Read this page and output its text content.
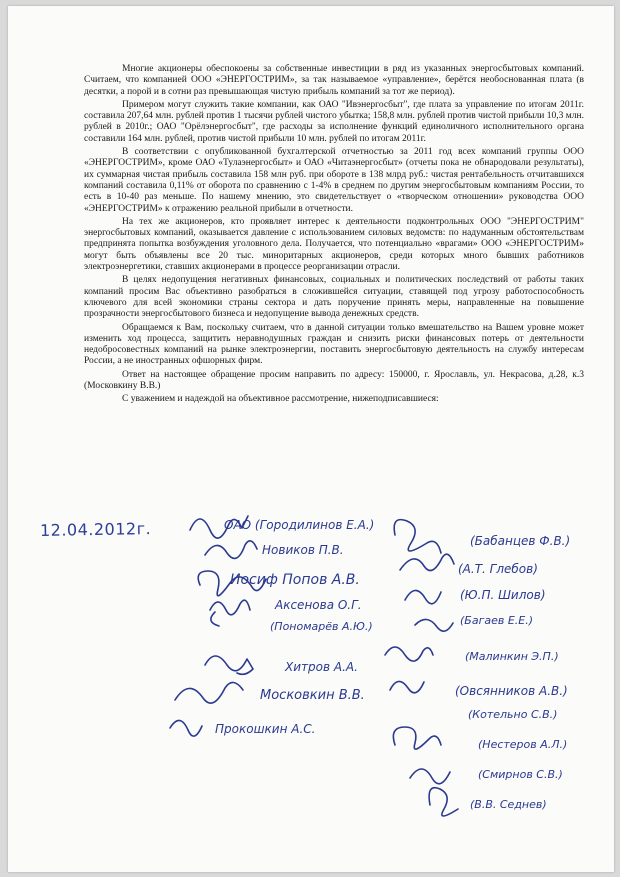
Многие акционеры обеспокоены за собственные инвестиции в ряд из указанных энергосбытовых компаний. Считаем, что компанией ООО «ЭНЕРГОСТРИМ», за так называемое «управление», берётся необоснованная плата (в десятки, а порой и в сотни раз превышающая чистую прибыль компаний за тот же период).

Примером могут служить такие компании, как ОАО "Ивэнергосбыт", где плата за управление по итогам 2011г. составила 207,64 млн. рублей против 1 тысячи рублей чистого убытка; 158,8 млн. рублей против чистой прибыли 10,3 млн. рублей в 2010г.; ОАО "Орёлэнергосбыт", где расходы за исполнение функций единоличного исполнительного органа составили 164 млн. рублей, против чистой прибыли 10 млн. рублей по итогам 2011г.

В соответствии с опубликованной бухгалтерской отчетностью за 2011 год всех компаний группы ООО «ЭНЕРГОСТРИМ», кроме ОАО «Тулаэнергосбыт» и ОАО «Читаэнергосбыт» (отчеты пока не обнародовали результаты), их суммарная чистая прибыль составила 158 млн руб. при обороте в 138 млрд руб.: чистая рентабельность отчитавшихся компаний составила 0,11% от оборота по сравнению с 1-4% в среднем по другим энергосбытовым компаниям России, то есть в 10-40 раз меньше. По нашему мнению, это свидетельствует о «творческом отношении» руководства ООО «ЭНЕРГОСТРИМ» к отражению реальной прибыли в отчетности.

На тех же акционеров, кто проявляет интерес к деятельности подконтрольных ООО "ЭНЕРГОСТРИМ" энергосбытовых компаний, оказывается давление с использованием силовых ведомств: по надуманным обстоятельствам предпринята попытка возбуждения уголовного дела. Получается, что потенциально «врагами» ООО «ЭНЕРГОСТРИМ» могут быть объявлены все 20 тыс. миноритарных акционеров, среди которых много бывших работников электроэнергетики, ставших акционерами в процессе реорганизации отрасли.

В целях недопущения негативных финансовых, социальных и политических последствий от работы таких компаний просим Вас объективно разобраться в сложившейся ситуации, ставящей под угрозу работоспособность ключевого для всей экономики страны сектора и дать поручение принять меры, направленные на повышение прозрачности энергосбытового бизнеса и недопущение вывода денежных средств.

Обращаемся к Вам, поскольку считаем, что в данной ситуации только вмешательство на Вашем уровне может изменить ход процесса, защитить неравнодушных граждан и снизить риски финансовых потерь от деятельности недобросовестных компаний на рынке электроэнергии, поставить энергосбытовую деятельность на службу интересам России, а не иностранных офшорных фирм.

Ответ на настоящее обращение просим направить по адресу: 150000, г. Ярославль, ул. Некрасова, д.28, к.3 (Московкину В.В.)

С уважением и надеждой на объективное рассмотрение, нижеподписавшиеся:

12.04.2012г.	ОАО (Городилинов Е.А.)
Новиков П.В.
Иосиф Попов А.В.
Аксенова О.Г.
(Пономарёв А.Ю.)
Хитров А.А.
Московкин В.В.
Прокошкин А.С.
(Бабанцев Ф.В.)
(А.Т. Глебов)
(Ю.П. Шилов)
(Багаев Е.Е.)
(Малинкин Э.П.)
(Овсянников А.В.)
(Котельно С.В.)
(Нестеров А.Л.)
(Смирнов С.В.)
(В.В. Седнев)
